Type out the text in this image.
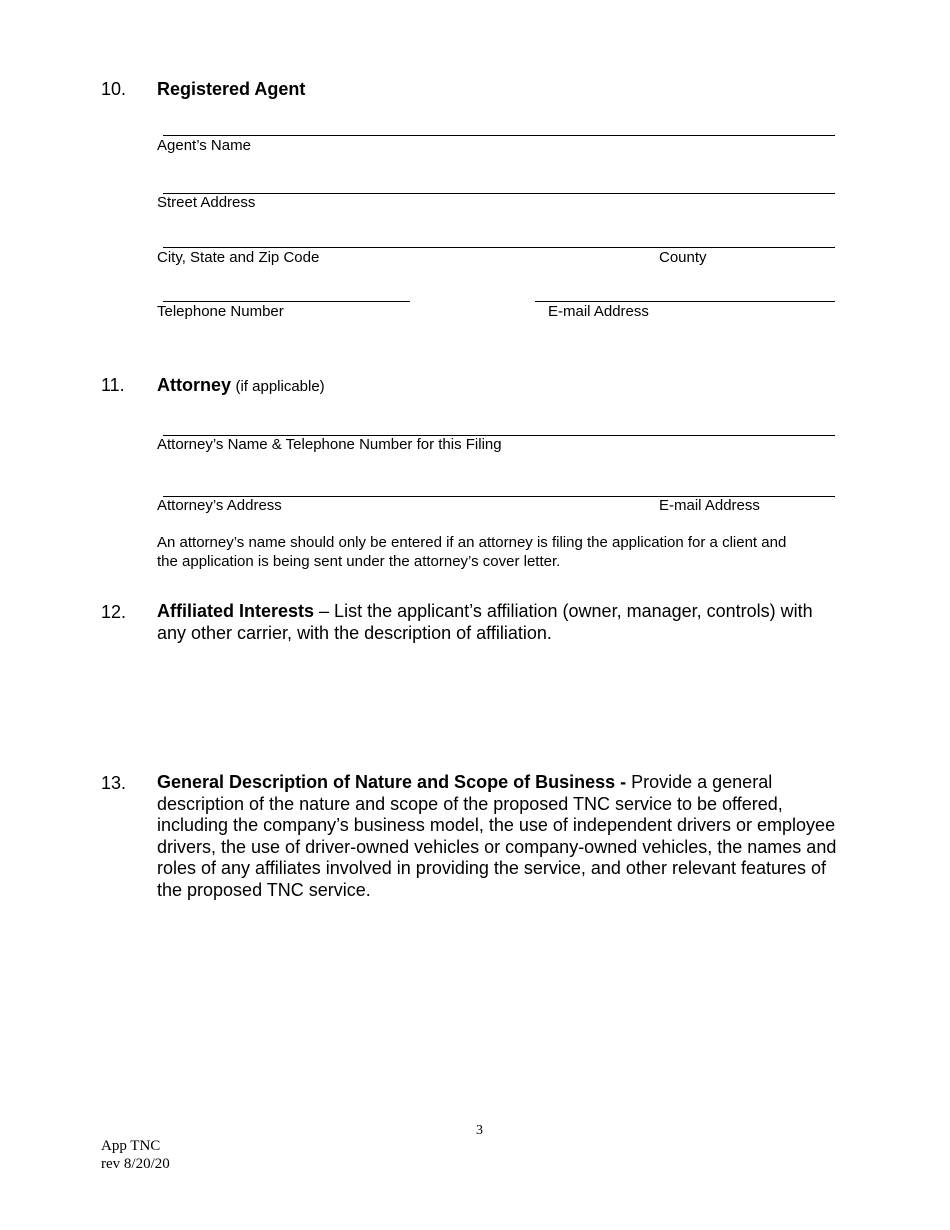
10. Registered Agent
Agent’s Name
Street Address
City, State and Zip Code	County
Telephone Number	E-mail Address
11. Attorney (if applicable)
Attorney’s Name & Telephone Number for this Filing
Attorney’s Address	E-mail Address
An attorney’s name should only be entered if an attorney is filing the application for a client and
the application is being sent under the attorney’s cover letter.
12. Affiliated Interests – List the applicant’s affiliation (owner, manager, controls) with
any other carrier, with the description of affiliation.
13. General Description of Nature and Scope of Business - Provide a general
description of the nature and scope of the proposed TNC service to be offered,
including the company’s business model, the use of independent drivers or employee
drivers, the use of driver-owned vehicles or company-owned vehicles, the names and
roles of any affiliates involved in providing the service, and other relevant features of
the proposed TNC service.
3
App TNC
rev 8/20/20
